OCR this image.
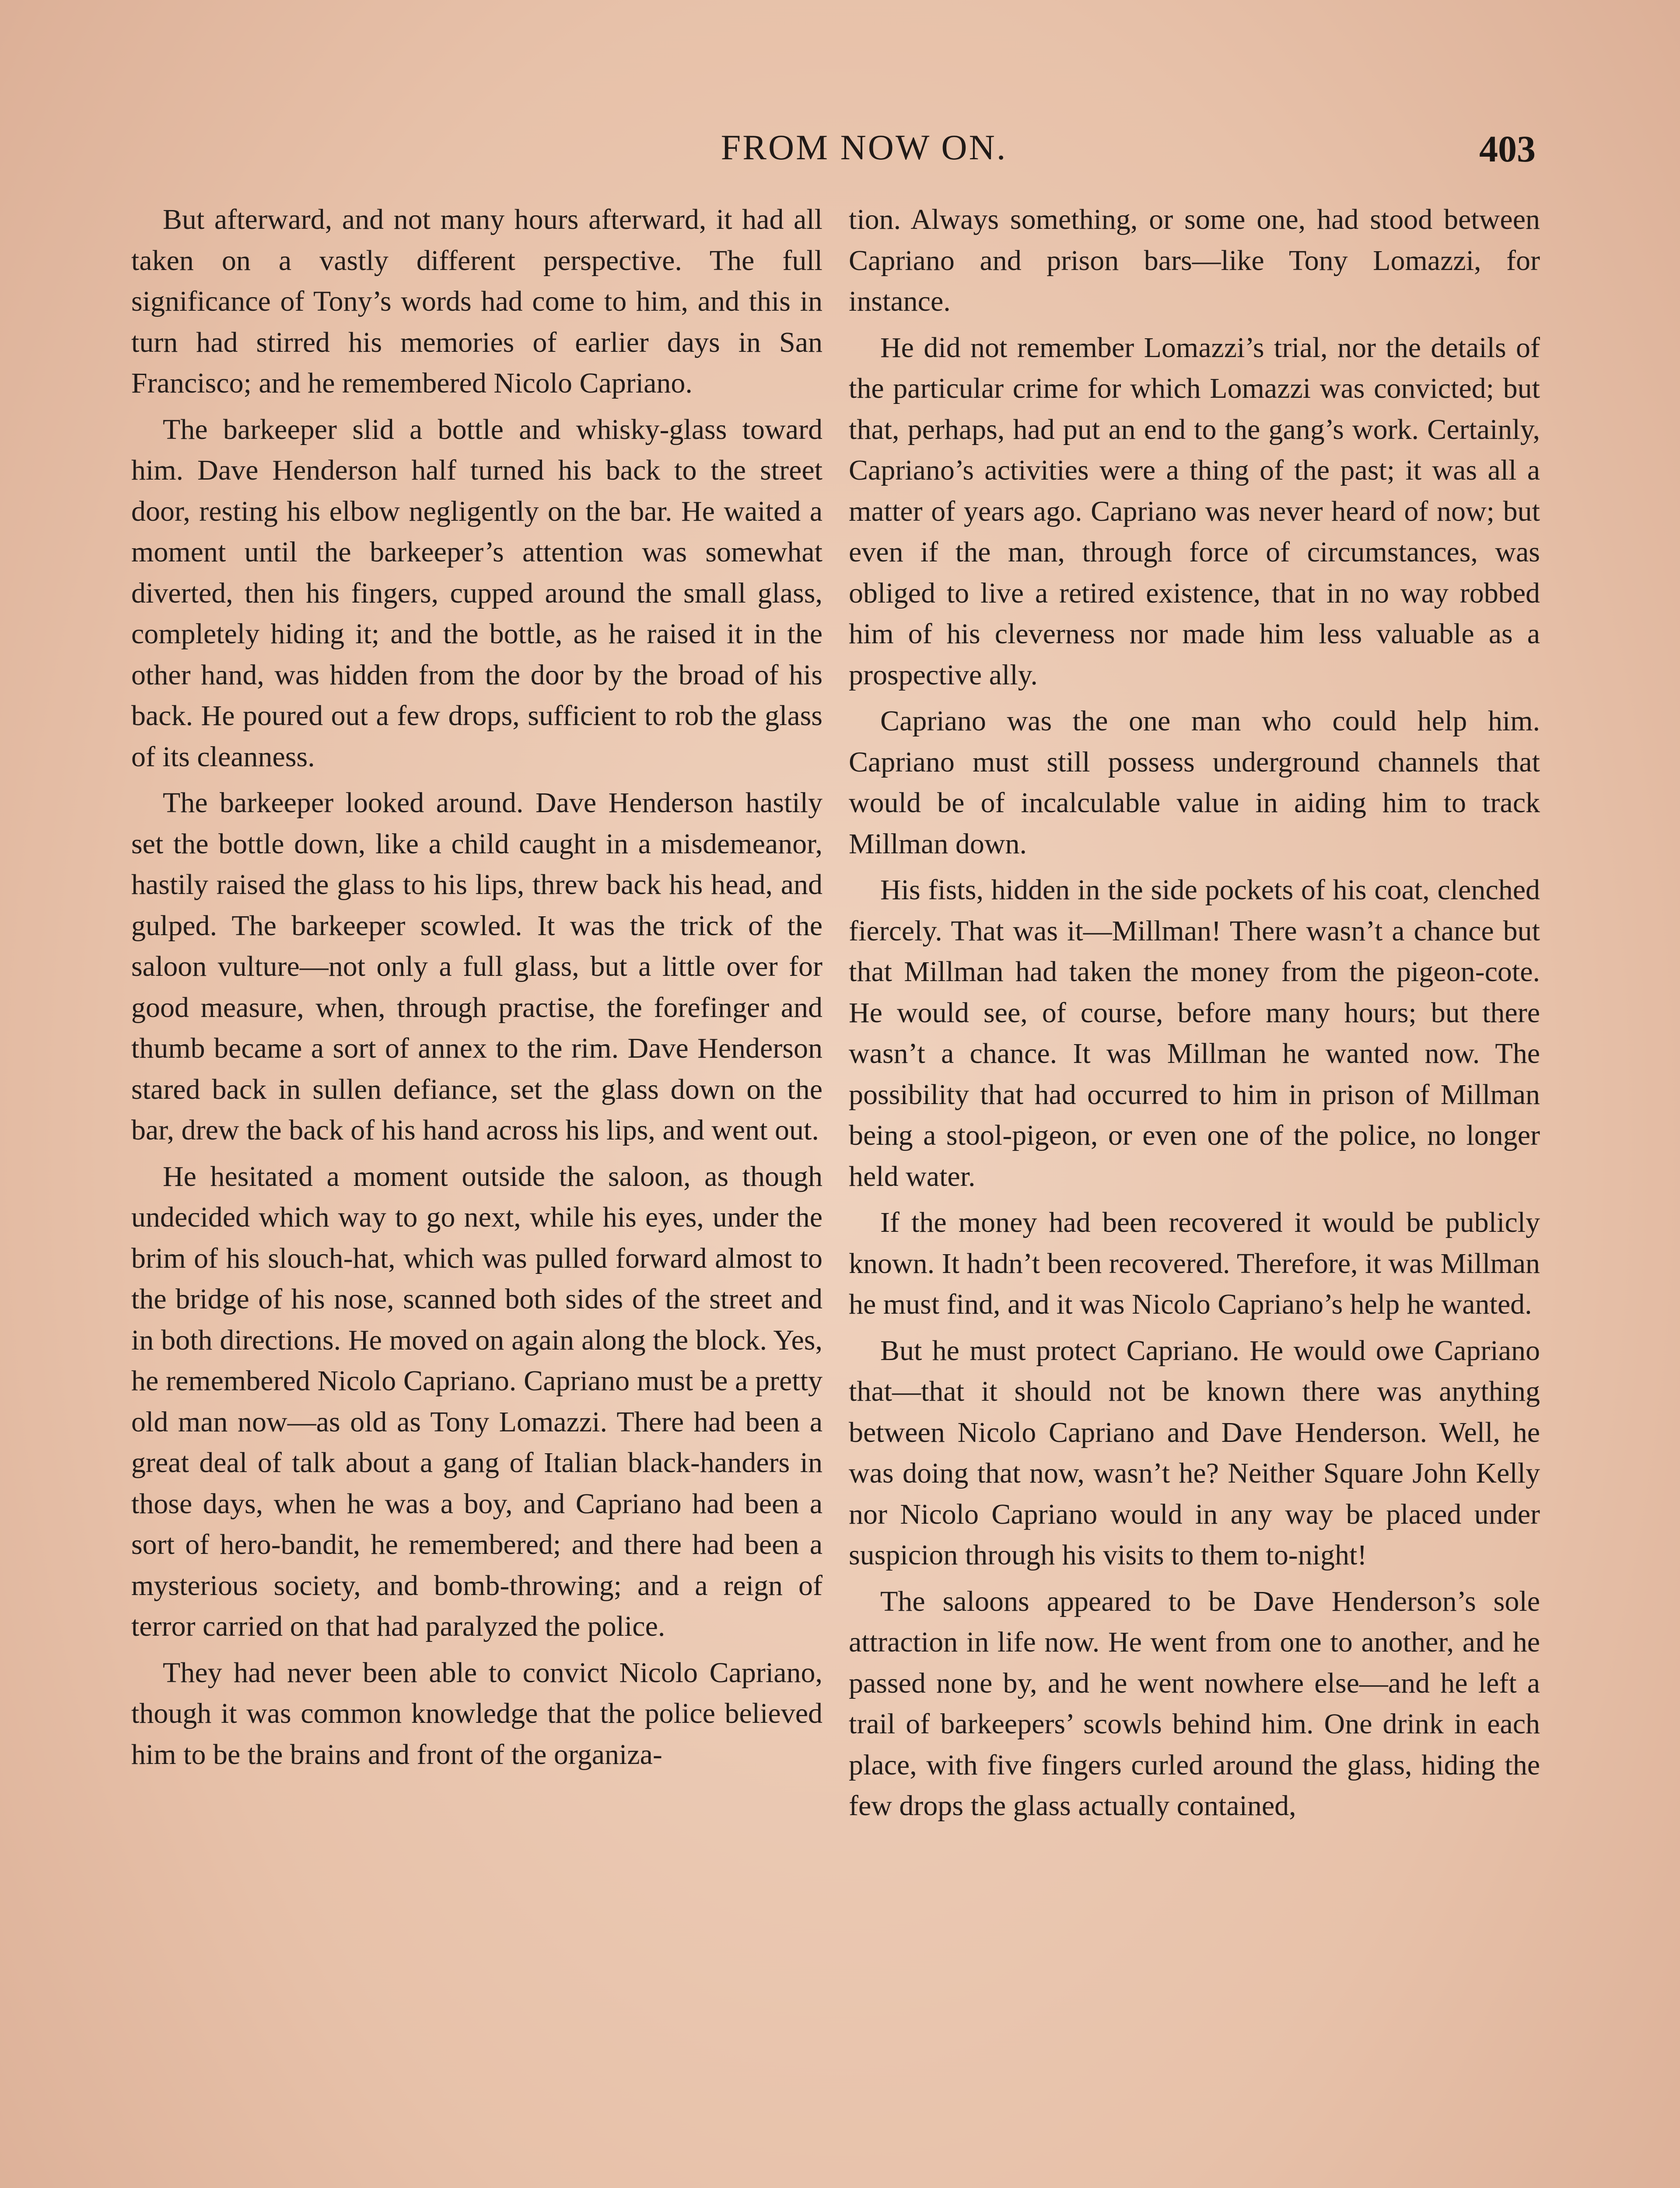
FROM NOW ON.	403

But afterward, and not many hours afterward, it had all taken on a vastly different perspective. The full significance of Tony’s words had come to him, and this in turn had stirred his memories of earlier days in San Francisco; and he remembered Nicolo Capriano.

The barkeeper slid a bottle and whisky-glass toward him. Dave Henderson half turned his back to the street door, resting his elbow negligently on the bar. He waited a moment until the barkeeper’s attention was somewhat diverted, then his fingers, cupped around the small glass, completely hiding it; and the bottle, as he raised it in the other hand, was hidden from the door by the broad of his back. He poured out a few drops, sufficient to rob the glass of its cleanness.

The barkeeper looked around. Dave Henderson hastily set the bottle down, like a child caught in a misdemeanor, hastily raised the glass to his lips, threw back his head, and gulped. The barkeeper scowled. It was the trick of the saloon vulture—not only a full glass, but a little over for good measure, when, through practise, the forefinger and thumb became a sort of annex to the rim. Dave Henderson stared back in sullen defiance, set the glass down on the bar, drew the back of his hand across his lips, and went out.

He hesitated a moment outside the saloon, as though undecided which way to go next, while his eyes, under the brim of his slouch-hat, which was pulled forward almost to the bridge of his nose, scanned both sides of the street and in both directions. He moved on again along the block. Yes, he remembered Nicolo Capriano. Capriano must be a pretty old man now—as old as Tony Lomazzi. There had been a great deal of talk about a gang of Italian black-handers in those days, when he was a boy, and Capriano had been a sort of hero-bandit, he remembered; and there had been a mysterious society, and bomb-throwing; and a reign of terror carried on that had paralyzed the police.

They had never been able to convict Nicolo Capriano, though it was common knowledge that the police believed him to be the brains and front of the organiza-

tion. Always something, or some one, had stood between Capriano and prison bars—like Tony Lomazzi, for instance.

He did not remember Lomazzi’s trial, nor the details of the particular crime for which Lomazzi was convicted; but that, perhaps, had put an end to the gang’s work. Certainly, Capriano’s activities were a thing of the past; it was all a matter of years ago. Capriano was never heard of now; but even if the man, through force of circumstances, was obliged to live a retired existence, that in no way robbed him of his cleverness nor made him less valuable as a prospective ally.

Capriano was the one man who could help him. Capriano must still possess underground channels that would be of incalculable value in aiding him to track Millman down.

His fists, hidden in the side pockets of his coat, clenched fiercely. That was it—Millman! There wasn’t a chance but that Millman had taken the money from the pigeon-cote. He would see, of course, before many hours; but there wasn’t a chance. It was Millman he wanted now. The possibility that had occurred to him in prison of Millman being a stool-pigeon, or even one of the police, no longer held water.

If the money had been recovered it would be publicly known. It hadn’t been recovered. Therefore, it was Millman he must find, and it was Nicolo Capriano’s help he wanted.

But he must protect Capriano. He would owe Capriano that—that it should not be known there was anything between Nicolo Capriano and Dave Henderson. Well, he was doing that now, wasn’t he? Neither Square John Kelly nor Nicolo Capriano would in any way be placed under suspicion through his visits to them to-night!

The saloons appeared to be Dave Henderson’s sole attraction in life now. He went from one to another, and he passed none by, and he went nowhere else—and he left a trail of barkeepers’ scowls behind him. One drink in each place, with five fingers curled around the glass, hiding the few drops the glass actually contained,
